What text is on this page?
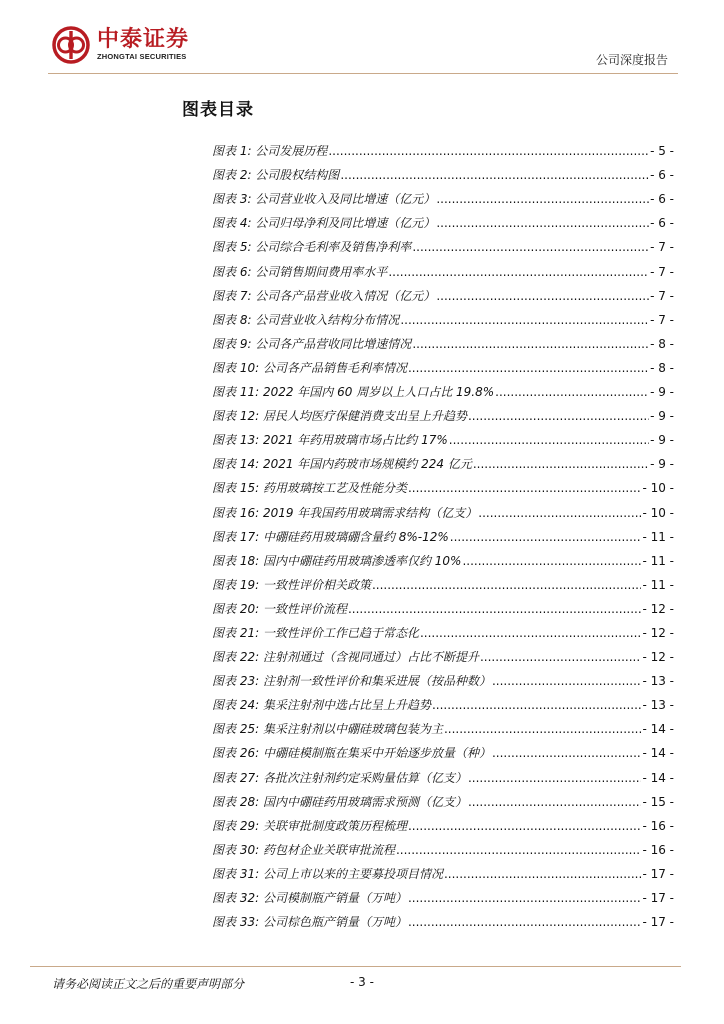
中泰证券
ZHONGTAI SECURITIES	公司深度报告
图表目录
图表 1: 公司发展历程 .....	- 5 -
图表 2: 公司股权结构图 .....	- 6 -
图表 3: 公司营业收入及同比增速（亿元） .....	- 6 -
图表 4: 公司归母净利及同比增速（亿元） .....	- 6 -
图表 5: 公司综合毛利率及销售净利率 .....	- 7 -
图表 6: 公司销售期间费用率水平 .....	- 7 -
图表 7: 公司各产品营业收入情况（亿元） .....	- 7 -
图表 8: 公司营业收入结构分布情况 .....	- 7 -
图表 9: 公司各产品营收同比增速情况 .....	- 8 -
图表 10: 公司各产品销售毛利率情况 .....	- 8 -
图表 11: 2022 年国内 60 周岁以上人口占比 19.8% .....	- 9 -
图表 12: 居民人均医疗保健消费支出呈上升趋势 .....	- 9 -
图表 13: 2021 年药用玻璃市场占比约 17% .....	- 9 -
图表 14: 2021 年国内药玻市场规模约 224 亿元 .....	- 9 -
图表 15: 药用玻璃按工艺及性能分类 .....	- 10 -
图表 16: 2019 年我国药用玻璃需求结构（亿支） .....	- 10 -
图表 17: 中硼硅药用玻璃硼含量约 8%-12% .....	- 11 -
图表 18: 国内中硼硅药用玻璃渗透率仅约 10% .....	- 11 -
图表 19: 一致性评价相关政策 .....	- 11 -
图表 20: 一致性评价流程 .....	- 12 -
图表 21: 一致性评价工作已趋于常态化 .....	- 12 -
图表 22: 注射剂通过（含视同通过）占比不断提升 .....	- 12 -
图表 23: 注射剂一致性评价和集采进展（按品种数） .....	- 13 -
图表 24: 集采注射剂中选占比呈上升趋势 .....	- 13 -
图表 25: 集采注射剂以中硼硅玻璃包装为主 .....	- 14 -
图表 26: 中硼硅模制瓶在集采中开始逐步放量（种） .....	- 14 -
图表 27: 各批次注射剂约定采购量估算（亿支） .....	- 14 -
图表 28: 国内中硼硅药用玻璃需求预测（亿支） .....	- 15 -
图表 29: 关联审批制度政策历程梳理 .....	- 16 -
图表 30: 药包材企业关联审批流程 .....	- 16 -
图表 31: 公司上市以来的主要募投项目情况 .....	- 17 -
图表 32: 公司模制瓶产销量（万吨） .....	- 17 -
图表 33: 公司棕色瓶产销量（万吨） .....	- 17 -
请务必阅读正文之后的重要声明部分	- 3 -
